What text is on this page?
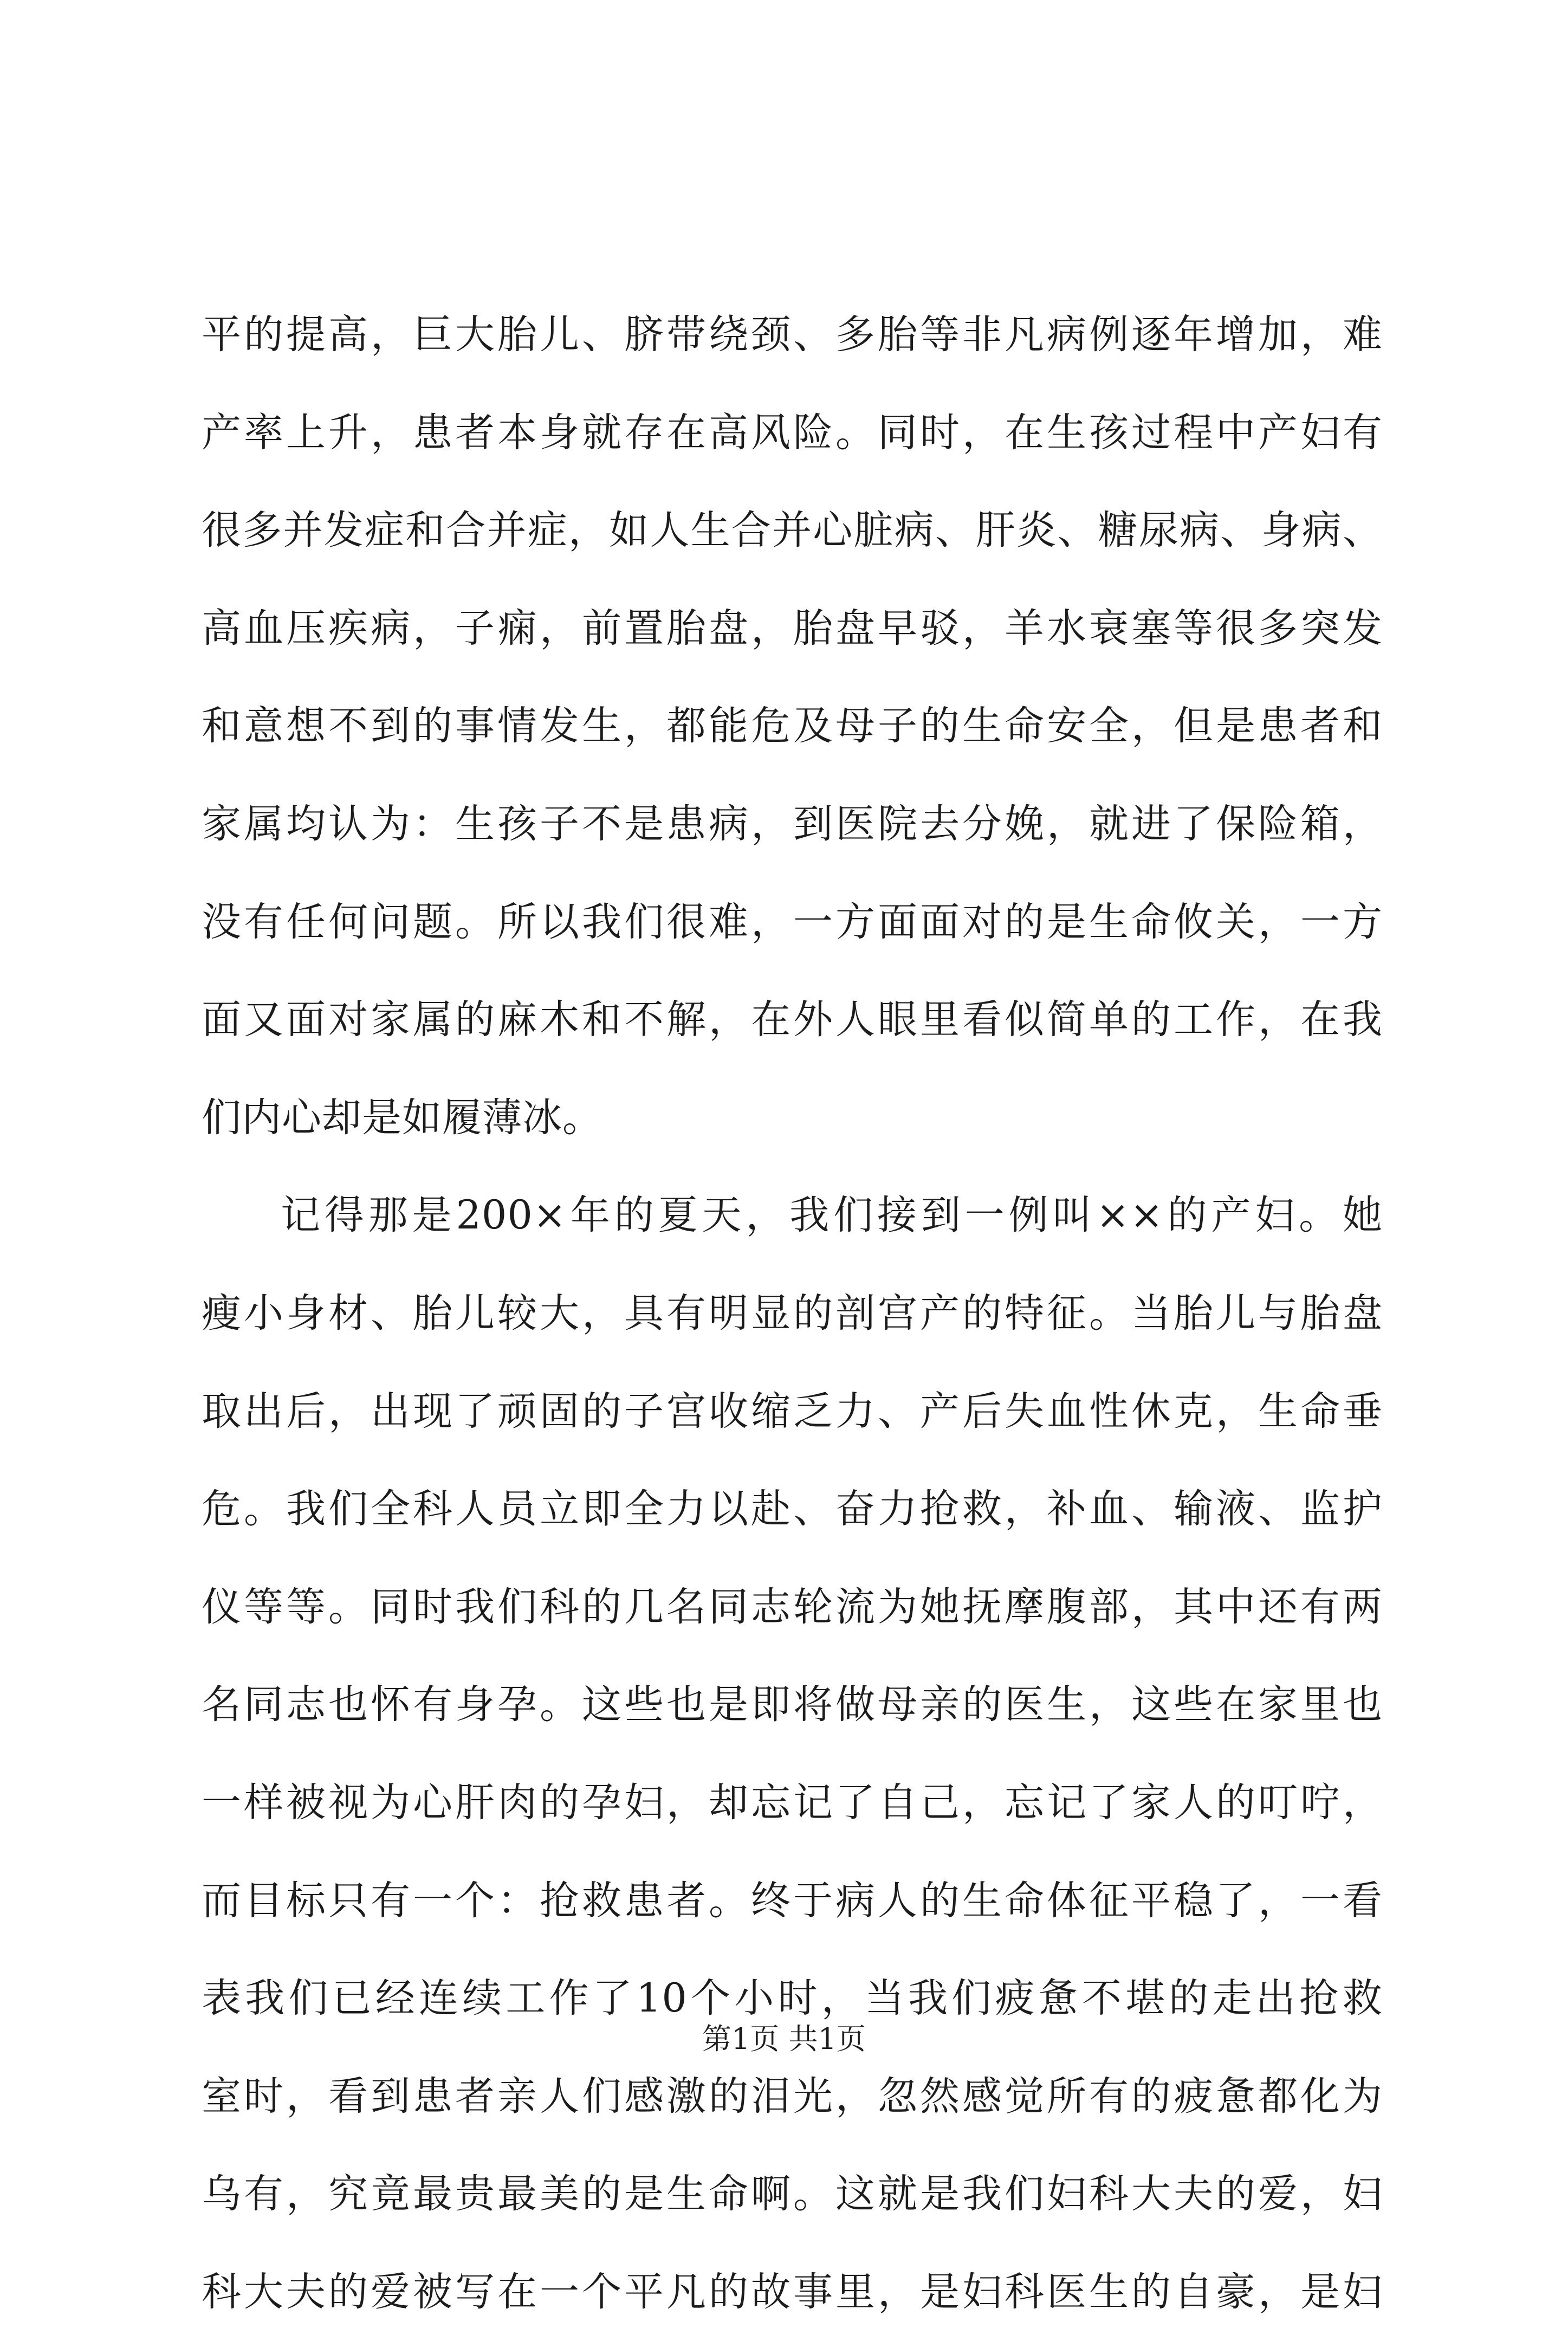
平的提高，巨大胎儿、脐带绕颈、多胎等非凡病例逐年增加，难
产率上升，患者本身就存在高风险。同时，在生孩过程中产妇有
很多并发症和合并症，如人生合并心脏病、肝炎、糖尿病、身病、
高血压疾病，子痫，前置胎盘，胎盘早驳，羊水衰塞等很多突发
和意想不到的事情发生，都能危及母子的生命安全，但是患者和
家属均认为：生孩子不是患病，到医院去分娩，就进了保险箱，
没有任何问题。所以我们很难，一方面面对的是生命攸关，一方
面又面对家属的麻木和不解，在外人眼里看似简单的工作，在我
们内心却是如履薄冰。
记得那是200×年的夏天，我们接到一例叫××的产妇。她
瘦小身材、胎儿较大，具有明显的剖宫产的特征。当胎儿与胎盘
取出后，出现了顽固的子宫收缩乏力、产后失血性休克，生命垂
危。我们全科人员立即全力以赴、奋力抢救，补血、输液、监护
仪等等。同时我们科的几名同志轮流为她抚摩腹部，其中还有两
名同志也怀有身孕。这些也是即将做母亲的医生，这些在家里也
一样被视为心肝肉的孕妇，却忘记了自己，忘记了家人的叮咛，
而目标只有一个：抢救患者。终于病人的生命体征平稳了，一看
表我们已经连续工作了10个小时，当我们疲惫不堪的走出抢救
室时，看到患者亲人们感激的泪光，忽然感觉所有的疲惫都化为
乌有，究竟最贵最美的是生命啊。这就是我们妇科大夫的爱，妇
科大夫的爱被写在一个平凡的故事里，是妇科医生的自豪，是妇
第1页 共1页
